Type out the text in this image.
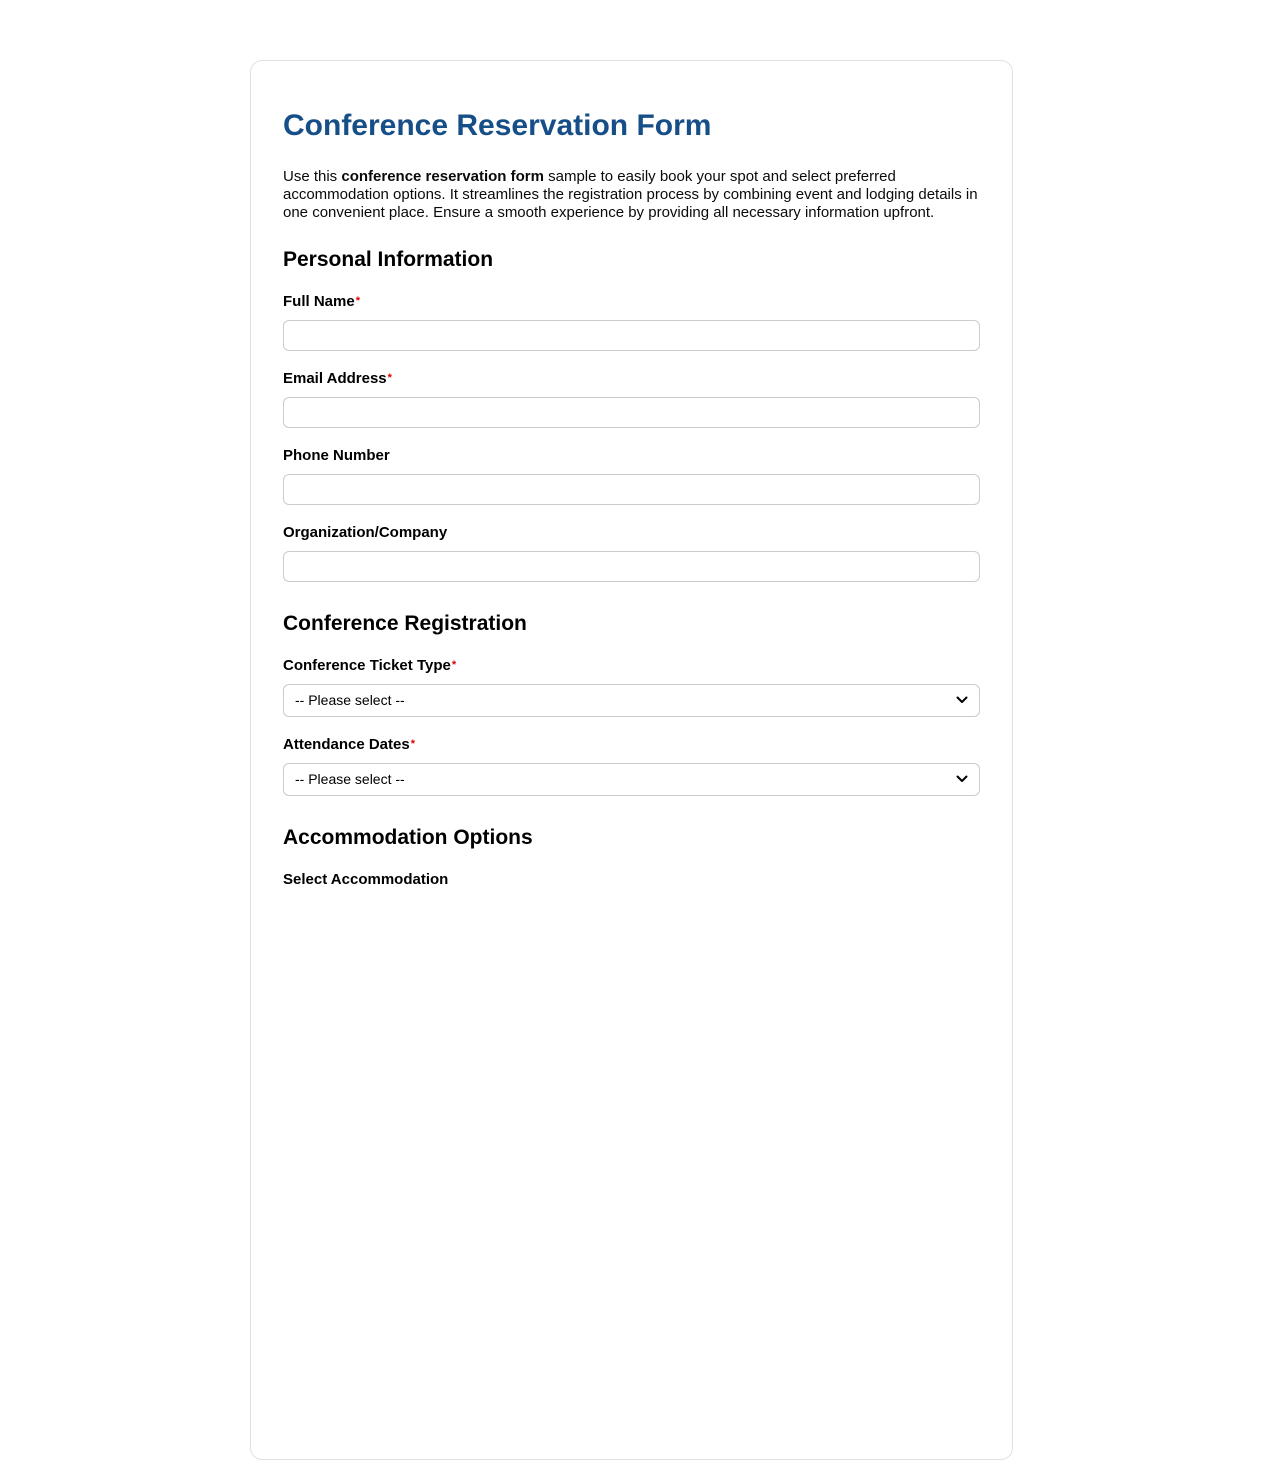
Conference Reservation Form

Use this conference reservation form sample to easily book your spot and select preferred accommodation options. It streamlines the registration process by combining event and lodging details in one convenient place. Ensure a smooth experience by providing all necessary information upfront.

Personal Information
Full Name*
Email Address*
Phone Number
Organization/Company
Conference Registration
Conference Ticket Type*
-- Please select --
Attendance Dates*
-- Please select --
Accommodation Options
Select Accommodation
